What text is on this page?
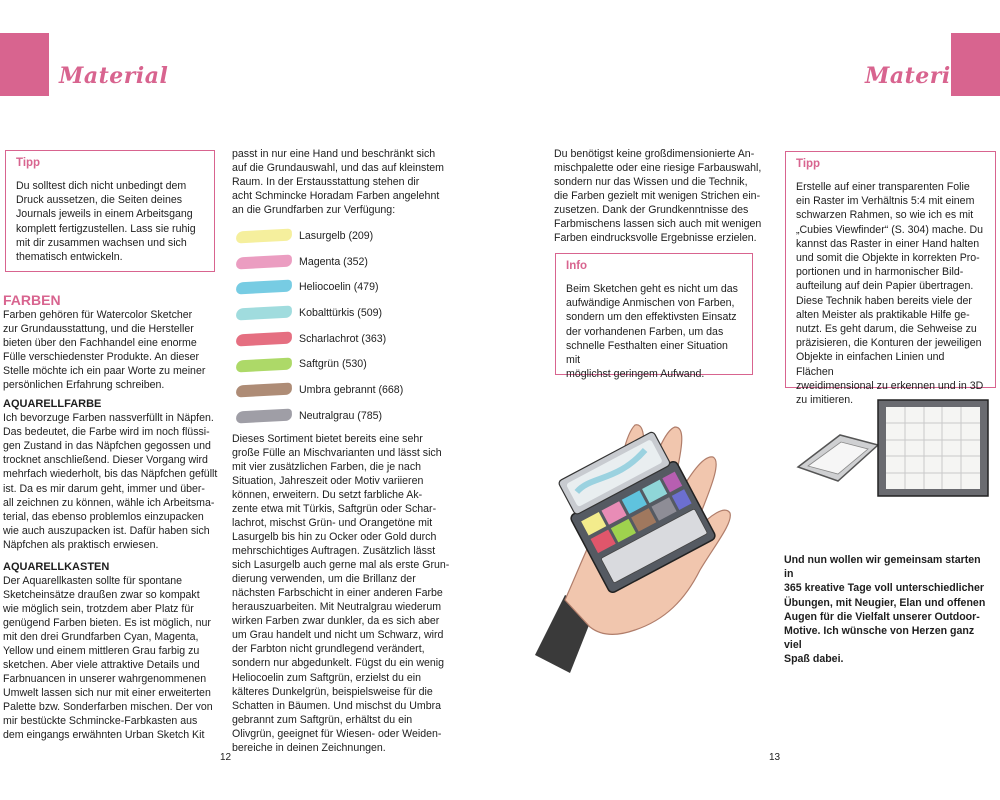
Material	Material
Tipp
Du solltest dich nicht unbedingt dem
Druck aussetzen, die Seiten deines
Journals jeweils in einem Arbeitsgang
komplett fertigzustellen. Lass sie ruhig
mit dir zusammen wachsen und sich
thematisch entwickeln.
FARBEN
Farben gehören für Watercolor Sketcher
zur Grundausstattung, und die Hersteller
bieten über den Fachhandel eine enorme
Fülle verschiedenster Produkte. An dieser
Stelle möchte ich ein paar Worte zu meiner
persönlichen Erfahrung schreiben.
AQUARELLFARBE
Ich bevorzuge Farben nassverfüllt in Näpfen.
Das bedeutet, die Farbe wird im noch flüssi-
gen Zustand in das Näpfchen gegossen und
trocknet anschließend. Dieser Vorgang wird
mehrfach wiederholt, bis das Näpfchen gefüllt
ist. Da es mir darum geht, immer und über-
all zeichnen zu können, wähle ich Arbeitsma-
terial, das ebenso problemlos einzupacken
wie auch auszupacken ist. Dafür haben sich
Näpfchen als praktisch erwiesen.
AQUARELLKASTEN
Der Aquarellkasten sollte für spontane
Sketcheinsätze draußen zwar so kompakt
wie möglich sein, trotzdem aber Platz für
genügend Farben bieten. Es ist möglich, nur
mit den drei Grundfarben Cyan, Magenta,
Yellow und einem mittleren Grau farbig zu
sketchen. Aber viele attraktive Details und
Farbnuancen in unserer wahrgenommenen
Umwelt lassen sich nur mit einer erweiterten
Palette bzw. Sonderfarben mischen. Der von
mir bestückte Schmincke-Farbkasten aus
dem eingangs erwähnten Urban Sketch Kit
passt in nur eine Hand und beschränkt sich
auf die Grundauswahl, und das auf kleinstem
Raum. In der Erstausstattung stehen dir
acht Schmincke Horadam Farben angelehnt
an die Grundfarben zur Verfügung:
Lasurgelb (209)
Magenta (352)
Heliocoelin (479)
Kobalttürkis (509)
Scharlachrot (363)
Saftgrün (530)
Umbra gebrannt (668)
Neutralgrau (785)
Dieses Sortiment bietet bereits eine sehr
große Fülle an Mischvarianten und lässt sich
mit vier zusätzlichen Farben, die je nach
Situation, Jahreszeit oder Motiv variieren
können, erweitern. Du setzt farbliche Ak-
zente etwa mit Türkis, Saftgrün oder Schar-
lachrot, mischst Grün- und Orangetöne mit
Lasurgelb bis hin zu Ocker oder Gold durch
mehrschichtiges Auftragen. Zusätzlich lässt
sich Lasurgelb auch gerne mal als erste Grun-
dierung verwenden, um die Brillanz der
nächsten Farbschicht in einer anderen Farbe
herauszuarbeiten. Mit Neutralgrau wiederum
wirken Farben zwar dunkler, da es sich aber
um Grau handelt und nicht um Schwarz, wird
der Farbton nicht grundlegend verändert,
sondern nur abgedunkelt. Fügst du ein wenig
Heliocoelin zum Saftgrün, erzielst du ein
kälteres Dunkelgrün, beispielsweise für die
Schatten in Bäumen. Und mischst du Umbra
gebrannt zum Saftgrün, erhältst du ein
Olivgrün, geeignet für Wiesen- oder Weiden-
bereiche in deinen Zeichnungen.
12
Du benötigst keine großdimensionierte An-
mischpalette oder eine riesige Farbauswahl,
sondern nur das Wissen und die Technik,
die Farben gezielt mit wenigen Strichen ein-
zusetzen. Dank der Grundkenntnisse des
Farbmischens lassen sich auch mit wenigen
Farben eindrucksvolle Ergebnisse erzielen.
Info
Beim Sketchen geht es nicht um das
aufwändige Anmischen von Farben,
sondern um den effektivsten Einsatz
der vorhandenen Farben, um das
schnelle Festhalten einer Situation mit
möglichst geringem Aufwand.
Tipp
Erstelle auf einer transparenten Folie
ein Raster im Verhältnis 5:4 mit einem
schwarzen Rahmen, so wie ich es mit
„Cubies Viewfinder“ (S. 304) mache. Du
kannst das Raster in einer Hand halten
und somit die Objekte in korrekten Pro-
portionen und in harmonischer Bild-
aufteilung auf dein Papier übertragen.
Diese Technik haben bereits viele der
alten Meister als praktikable Hilfe ge-
nutzt. Es geht darum, die Sehweise zu
präzisieren, die Konturen der jeweiligen
Objekte in einfachen Linien und Flächen
zweidimensional zu erkennen und in 3D
zu imitieren.
Und nun wollen wir gemeinsam starten in
365 kreative Tage voll unterschiedlicher
Übungen, mit Neugier, Elan und offenen
Augen für die Vielfalt unserer Outdoor-
Motive. Ich wünsche von Herzen ganz viel
Spaß dabei.
13
